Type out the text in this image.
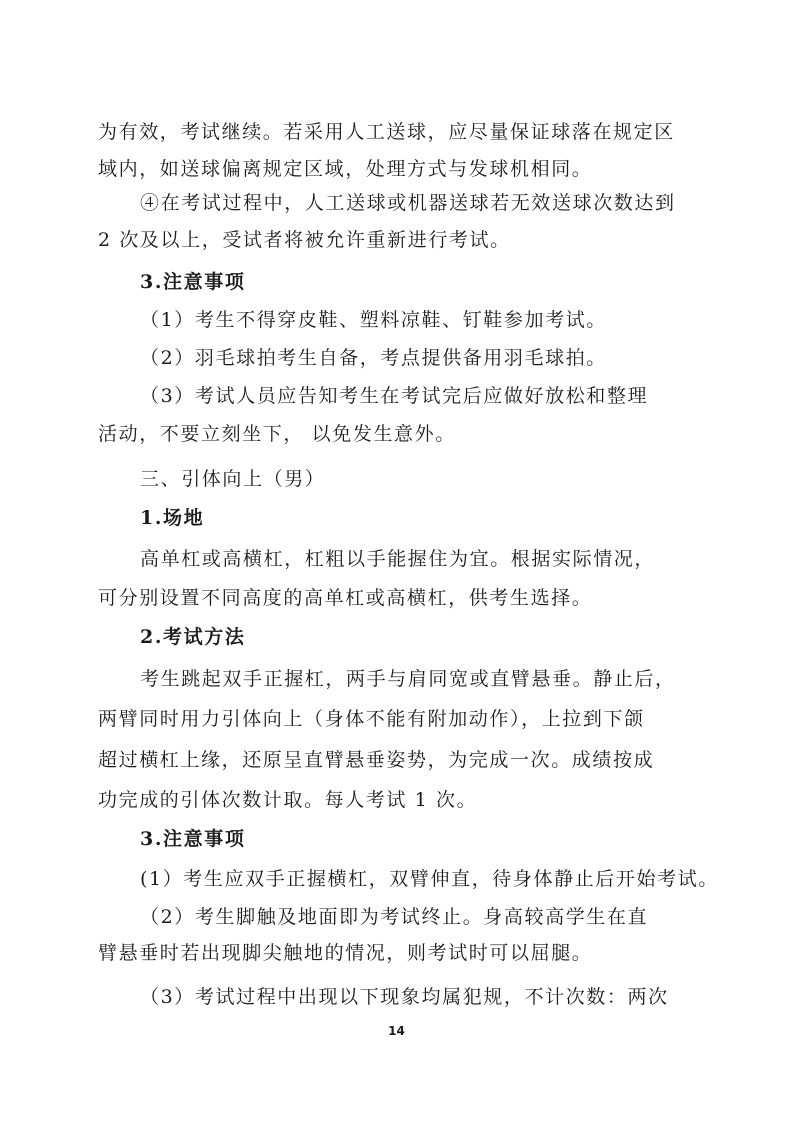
为有效，考试继续。若采用人工送球，应尽量保证球落在规定区
域内，如送球偏离规定区域，处理方式与发球机相同。
④在考试过程中，人工送球或机器送球若无效送球次数达到
2 次及以上，受试者将被允许重新进行考试。
3.注意事项
（1）考生不得穿皮鞋、塑料凉鞋、钉鞋参加考试。
（2）羽毛球拍考生自备，考点提供备用羽毛球拍。
（3）考试人员应告知考生在考试完后应做好放松和整理
活动，不要立刻坐下， 以免发生意外。
三、引体向上（男）
1.场地
高单杠或高横杠，杠粗以手能握住为宜。根据实际情况，
可分别设置不同高度的高单杠或高横杠，供考生选择。
2.考试方法
考生跳起双手正握杠，两手与肩同宽或直臂悬垂。静止后，
两臂同时用力引体向上（身体不能有附加动作），上拉到下颌
超过横杠上缘，还原呈直臂悬垂姿势，为完成一次。成绩按成
功完成的引体次数计取。每人考试 1 次。
3.注意事项
(1）考生应双手正握横杠，双臂伸直，待身体静止后开始考试。
（2）考生脚触及地面即为考试终止。身高较高学生在直
臂悬垂时若出现脚尖触地的情况，则考试时可以屈腿。
（3）考试过程中出现以下现象均属犯规，不计次数：两次
14
